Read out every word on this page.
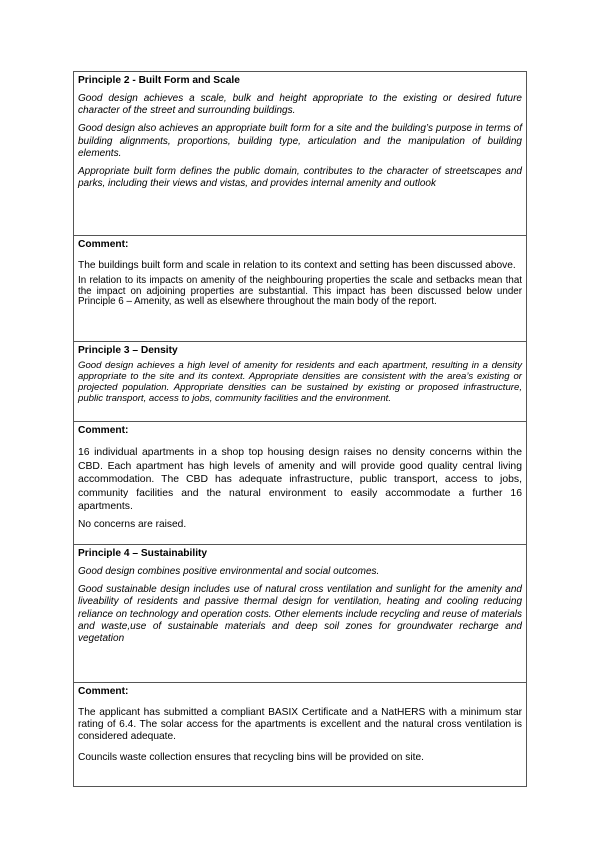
Principle 2 - Built Form and Scale

Good design achieves a scale, bulk and height appropriate to the existing or desired future character of the street and surrounding buildings.

Good design also achieves an appropriate built form for a site and the building’s purpose in terms of building alignments, proportions, building type, articulation and the manipulation of building elements.

Appropriate built form defines the public domain, contributes to the character of streetscapes and parks, including their views and vistas, and provides internal amenity and outlook

Comment:

The buildings built form and scale in relation to its context and setting has been discussed above.

In relation to its impacts on amenity of the neighbouring properties the scale and setbacks mean that the impact on adjoining properties are substantial. This impact has been discussed below under Principle 6 – Amenity, as well as elsewhere throughout the main body of the report.

Principle 3 – Density

Good design achieves a high level of amenity for residents and each apartment, resulting in a density appropriate to the site and its context. Appropriate densities are consistent with the area’s existing or projected population. Appropriate densities can be sustained by existing or proposed infrastructure, public transport, access to jobs, community facilities and the environment.

Comment:

16 individual apartments in a shop top housing design raises no density concerns within the CBD. Each apartment has high levels of amenity and will provide good quality central living accommodation. The CBD has adequate infrastructure, public transport, access to jobs, community facilities and the natural environment to easily accommodate a further 16 apartments.

No concerns are raised.

Principle 4 – Sustainability

Good design combines positive environmental and social outcomes.

Good sustainable design includes use of natural cross ventilation and sunlight for the amenity and liveability of residents and passive thermal design for ventilation, heating and cooling reducing reliance on technology and operation costs. Other elements include recycling and reuse of materials and waste,use of sustainable materials and deep soil zones for groundwater recharge and vegetation

Comment:

The applicant has submitted a compliant BASIX Certificate and a NatHERS with a minimum star rating of 6.4. The solar access for the apartments is excellent and the natural cross ventilation is considered adequate.

Councils waste collection ensures that recycling bins will be provided on site.
